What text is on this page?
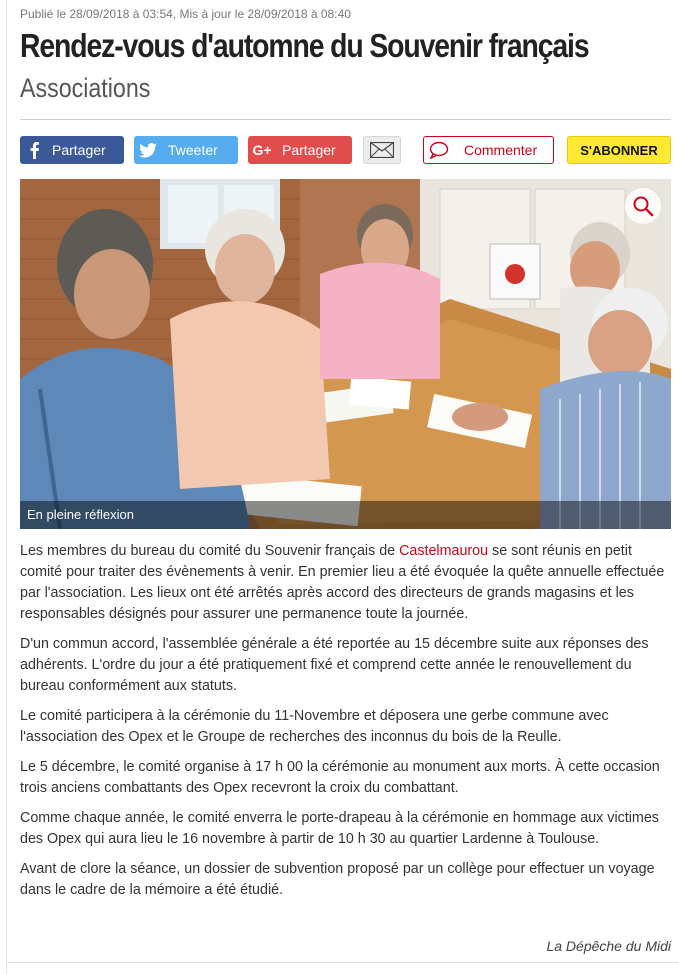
Publié le 28/09/2018 à 03:54, Mis à jour le 28/09/2018 à 08:40
Rendez-vous d'automne du Souvenir français
Associations
Partager	Tweeter	G+ Partager	Commenter	S'ABONNER
En pleine réflexion

Les membres du bureau du comité du Souvenir français de Castelmaurou se sont réunis en petit comité pour traiter des évènements à venir. En premier lieu a été évoquée la quête annuelle effectuée par l'association. Les lieux ont été arrêtés après accord des directeurs de grands magasins et les responsables désignés pour assurer une permanence toute la journée.

D'un commun accord, l'assemblée générale a été reportée au 15 décembre suite aux réponses des adhérents. L'ordre du jour a été pratiquement fixé et comprend cette année le renouvellement du bureau conformément aux statuts.

Le comité participera à la cérémonie du 11-Novembre et déposera une gerbe commune avec l'association des Opex et le Groupe de recherches des inconnus du bois de la Reulle.

Le 5 décembre, le comité organise à 17 h 00 la cérémonie au monument aux morts. À cette occasion trois anciens combattants des Opex recevront la croix du combattant.

Comme chaque année, le comité enverra le porte-drapeau à la cérémonie en hommage aux victimes des Opex qui aura lieu le 16 novembre à partir de 10 h 30 au quartier Lardenne à Toulouse.

Avant de clore la séance, un dossier de subvention proposé par un collège pour effectuer un voyage dans le cadre de la mémoire a été étudié.

La Dépêche du Midi
